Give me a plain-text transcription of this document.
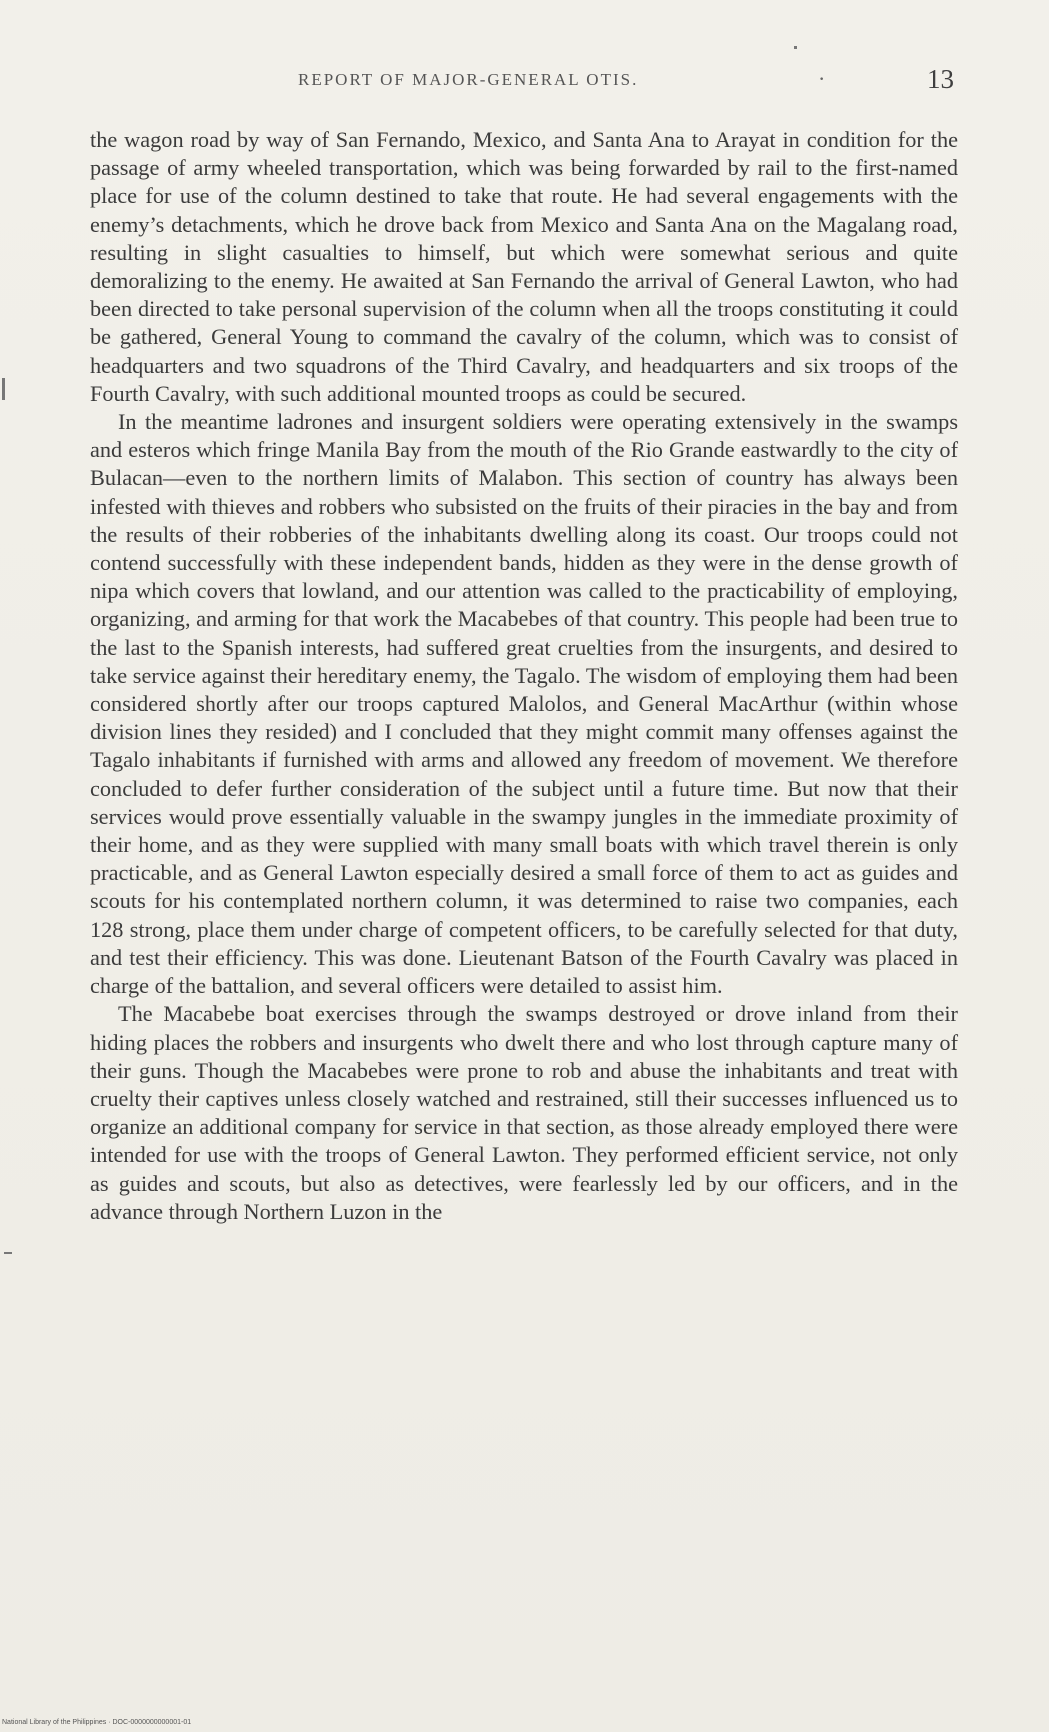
REPORT OF MAJOR-GENERAL OTIS.	·	13

the wagon road by way of San Fernando, Mexico, and Santa Ana to Arayat in condition for the passage of army wheeled transportation, which was being forwarded by rail to the first-named place for use of the column destined to take that route. He had several engagements with the enemy’s detachments, which he drove back from Mexico and Santa Ana on the Magalang road, resulting in slight casualties to himself, but which were somewhat serious and quite demoralizing to the enemy. He awaited at San Fernando the arrival of General Lawton, who had been directed to take personal supervision of the column when all the troops constituting it could be gathered, General Young to command the cavalry of the column, which was to consist of headquarters and two squadrons of the Third Cavalry, and headquarters and six troops of the Fourth Cavalry, with such additional mounted troops as could be secured.

In the meantime ladrones and insurgent soldiers were operating extensively in the swamps and esteros which fringe Manila Bay from the mouth of the Rio Grande eastwardly to the city of Bulacan—even to the northern limits of Malabon. This section of country has always been infested with thieves and robbers who subsisted on the fruits of their piracies in the bay and from the results of their robberies of the inhabitants dwelling along its coast. Our troops could not contend successfully with these independent bands, hidden as they were in the dense growth of nipa which covers that lowland, and our attention was called to the practicability of employing, organizing, and arming for that work the Macabebes of that country. This people had been true to the last to the Spanish interests, had suffered great cruelties from the insurgents, and desired to take service against their hereditary enemy, the Tagalo. The wisdom of employing them had been considered shortly after our troops captured Malolos, and General MacArthur (within whose division lines they resided) and I concluded that they might commit many offenses against the Tagalo inhabitants if furnished with arms and allowed any freedom of movement. We therefore concluded to defer further consideration of the subject until a future time. But now that their services would prove essentially valuable in the swampy jungles in the immediate proximity of their home, and as they were supplied with many small boats with which travel therein is only practicable, and as General Lawton especially desired a small force of them to act as guides and scouts for his contemplated northern column, it was determined to raise two companies, each 128 strong, place them under charge of competent officers, to be carefully selected for that duty, and test their efficiency. This was done. Lieutenant Batson of the Fourth Cavalry was placed in charge of the battalion, and several officers were detailed to assist him.

The Macabebe boat exercises through the swamps destroyed or drove inland from their hiding places the robbers and insurgents who dwelt there and who lost through capture many of their guns. Though the Macabebes were prone to rob and abuse the inhabitants and treat with cruelty their captives unless closely watched and restrained, still their successes influenced us to organize an additional company for service in that section, as those already employed there were intended for use with the troops of General Lawton. They performed efficient service, not only as guides and scouts, but also as detectives, were fearlessly led by our officers, and in the advance through Northern Luzon in the

National Library of the Philippines · DOC-0000000000001-01
